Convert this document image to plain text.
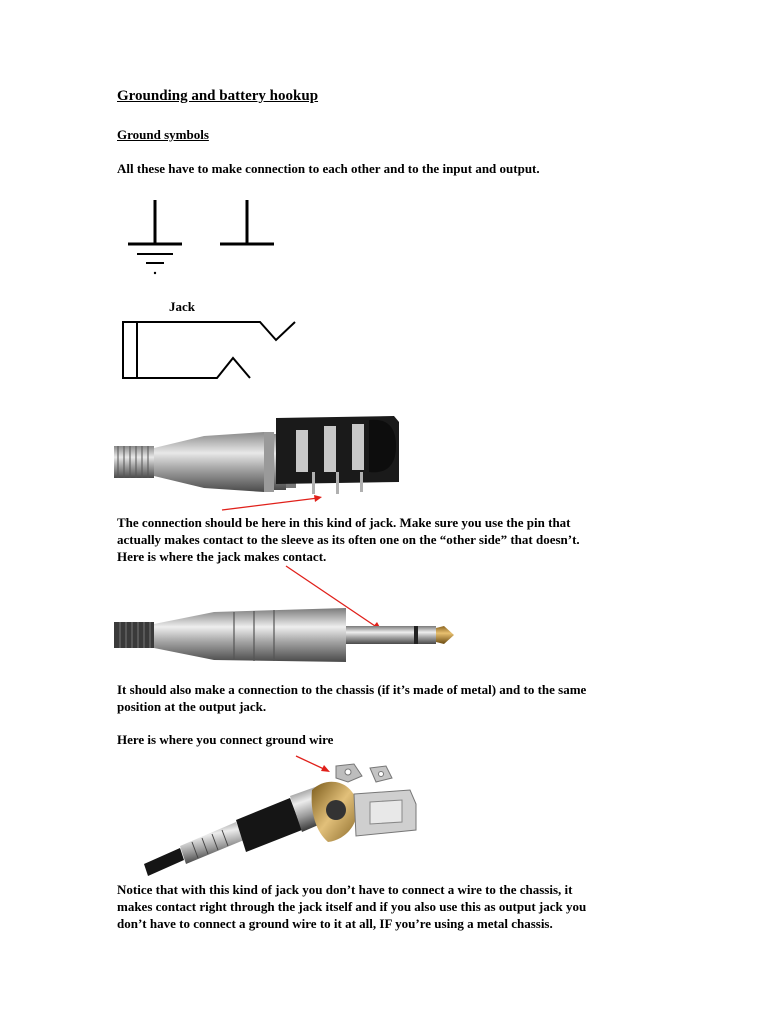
Grounding and battery hookup
Ground symbols
All these have to make connection to each other and to the input and output.
Jack
The connection should be here in this kind of jack. Make sure you use the pin that
actually makes contact to the sleeve as its often one on the “other side” that doesn’t.
Here is where the jack makes contact.
It should also make a connection to the chassis (if it’s made of metal) and to the same
position at the output jack.
Here is where you connect ground wire
Notice that with this kind of jack you don’t have to connect a wire to the chassis, it
makes contact right through the jack itself and if you also use this as output jack you
don’t have to connect a ground wire to it at all, IF you’re using a metal chassis.
